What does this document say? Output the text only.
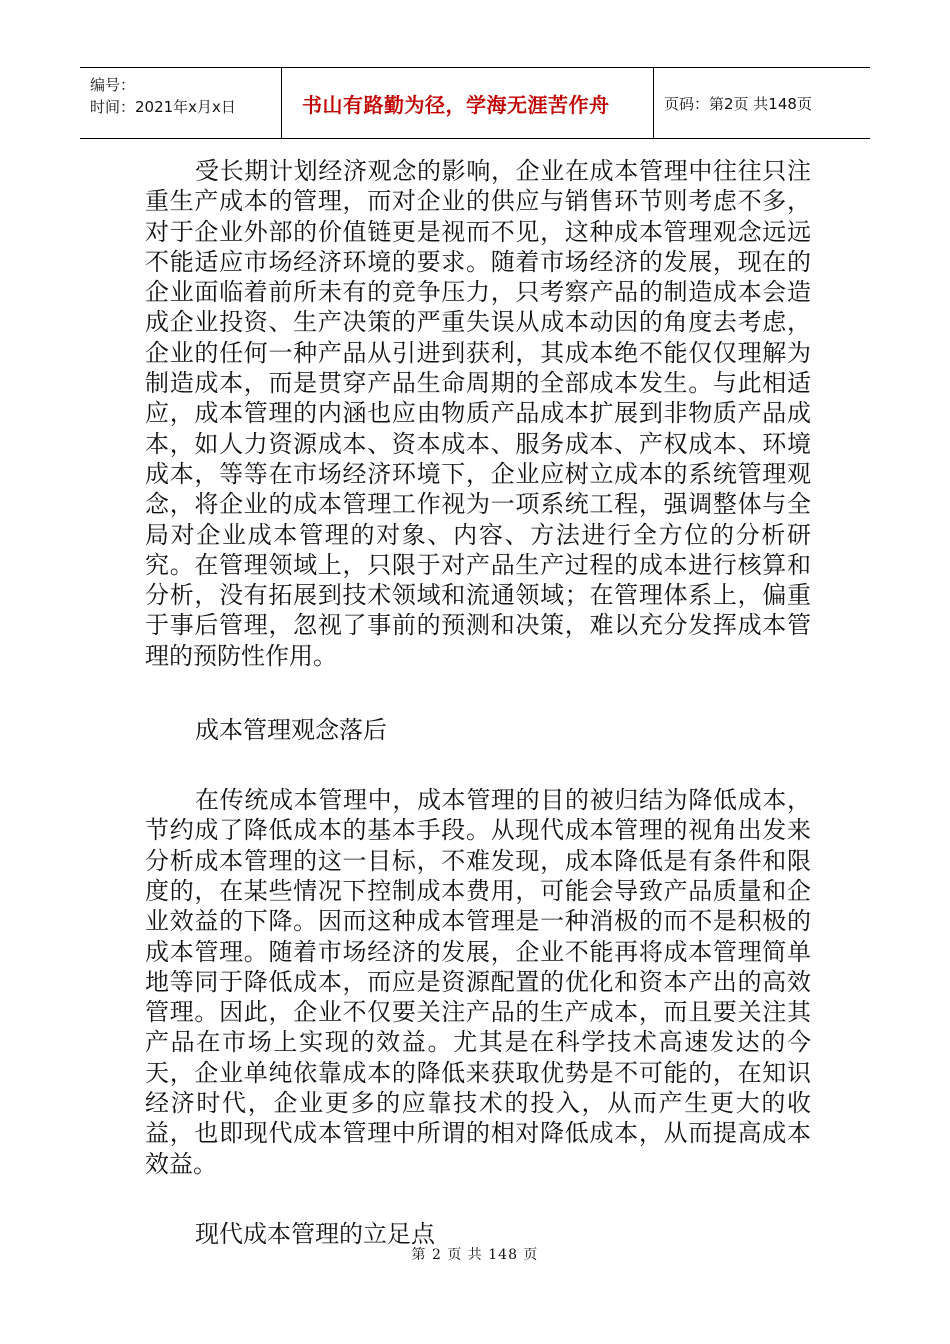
编号：
时间：2021年x月x日	书山有路勤为径，学海无涯苦作舟	页码：第2页 共148页

受长期计划经济观念的影响，企业在成本管理中往往只注重生产成本的管理，而对企业的供应与销售环节则考虑不多，对于企业外部的价值链更是视而不见，这种成本管理观念远远不能适应市场经济环境的要求。随着市场经济的发展，现在的企业面临着前所未有的竞争压力，只考察产品的制造成本会造成企业投资、生产决策的严重失误从成本动因的角度去考虑，企业的任何一种产品从引进到获利，其成本绝不能仅仅理解为制造成本，而是贯穿产品生命周期的全部成本发生。与此相适应，成本管理的内涵也应由物质产品成本扩展到非物质产品成本，如人力资源成本、资本成本、服务成本、产权成本、环境成本，等等在市场经济环境下，企业应树立成本的系统管理观念，将企业的成本管理工作视为一项系统工程，强调整体与全局对企业成本管理的对象、内容、方法进行全方位的分析研究。在管理领域上，只限于对产品生产过程的成本进行核算和分析，没有拓展到技术领域和流通领域；在管理体系上，偏重于事后管理，忽视了事前的预测和决策，难以充分发挥成本管理的预防性作用。

成本管理观念落后

在传统成本管理中，成本管理的目的被归结为降低成本，节约成了降低成本的基本手段。从现代成本管理的视角出发来分析成本管理的这一目标，不难发现，成本降低是有条件和限度的，在某些情况下控制成本费用，可能会导致产品质量和企业效益的下降。因而这种成本管理是一种消极的而不是积极的成本管理。随着市场经济的发展，企业不能再将成本管理简单地等同于降低成本，而应是资源配置的优化和资本产出的高效管理。因此，企业不仅要关注产品的生产成本，而且要关注其产品在市场上实现的效益。尤其是在科学技术高速发达的今天，企业单纯依靠成本的降低来获取优势是不可能的，在知识经济时代，企业更多的应靠技术的投入，从而产生更大的收益，也即现代成本管理中所谓的相对降低成本，从而提高成本效益。

现代成本管理的立足点

第 2 页 共 148 页
